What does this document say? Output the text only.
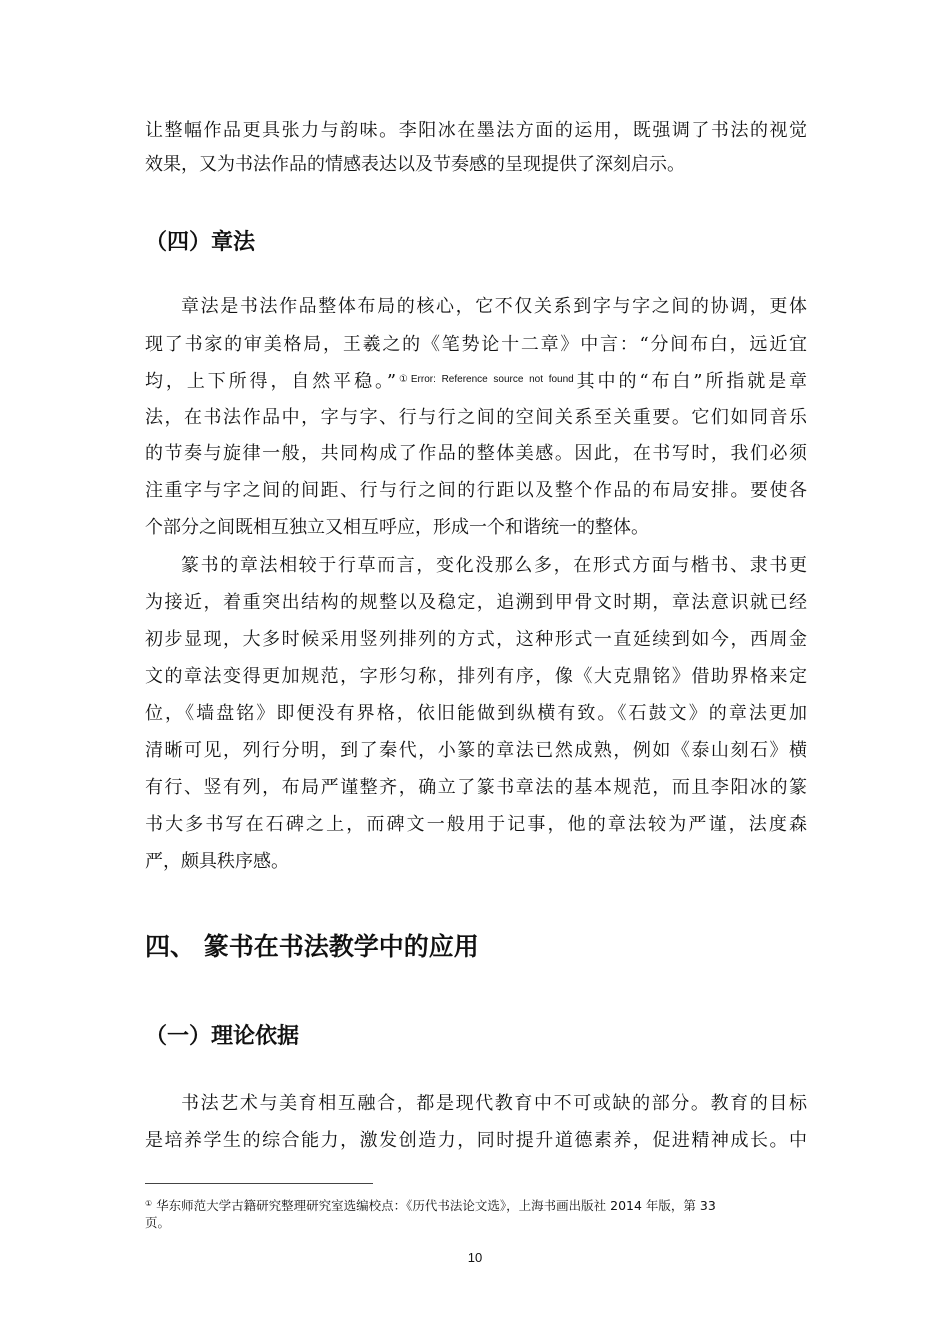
让整幅作品更具张力与韵味。李阳冰在墨法方面的运用，既强调了书法的视觉
效果，又为书法作品的情感表达以及节奏感的呈现提供了深刻启示。
（四）章法
章法是书法作品整体布局的核心，它不仅关系到字与字之间的协调，更体
现了书家的审美格局，王羲之的《笔势论十二章》中言：“分间布白，远近宜
均，上下所得，自然平稳。”$^{①Error: Reference source not found}$其中的“布白”所指就是章
法，在书法作品中，字与字、行与行之间的空间关系至关重要。它们如同音乐
的节奏与旋律一般，共同构成了作品的整体美感。因此，在书写时，我们必须
注重字与字之间的间距、行与行之间的行距以及整个作品的布局安排。要使各
个部分之间既相互独立又相互呼应，形成一个和谐统一的整体。
篆书的章法相较于行草而言，变化没那么多，在形式方面与楷书、隶书更
为接近，着重突出结构的规整以及稳定，追溯到甲骨文时期，章法意识就已经
初步显现，大多时候采用竖列排列的方式，这种形式一直延续到如今，西周金
文的章法变得更加规范，字形匀称，排列有序，像《大克鼎铭》借助界格来定
位，《墙盘铭》即便没有界格，依旧能做到纵横有致。《石鼓文》的章法更加
清晰可见，列行分明，到了秦代，小篆的章法已然成熟，例如《泰山刻石》横
有行、竖有列，布局严谨整齐，确立了篆书章法的基本规范，而且李阳冰的篆
书大多书写在石碑之上，而碑文一般用于记事，他的章法较为严谨，法度森
严，颇具秩序感。
四、 篆书在书法教学中的应用
（一）理论依据
书法艺术与美育相互融合，都是现代教育中不可或缺的部分。教育的目标
是培养学生的综合能力，激发创造力，同时提升道德素养，促进精神成长。中
① 华东师范大学古籍研究整理研究室选编校点：《历代书法论文选》，上海书画出版社 2014 年版，第 33
页。
10
